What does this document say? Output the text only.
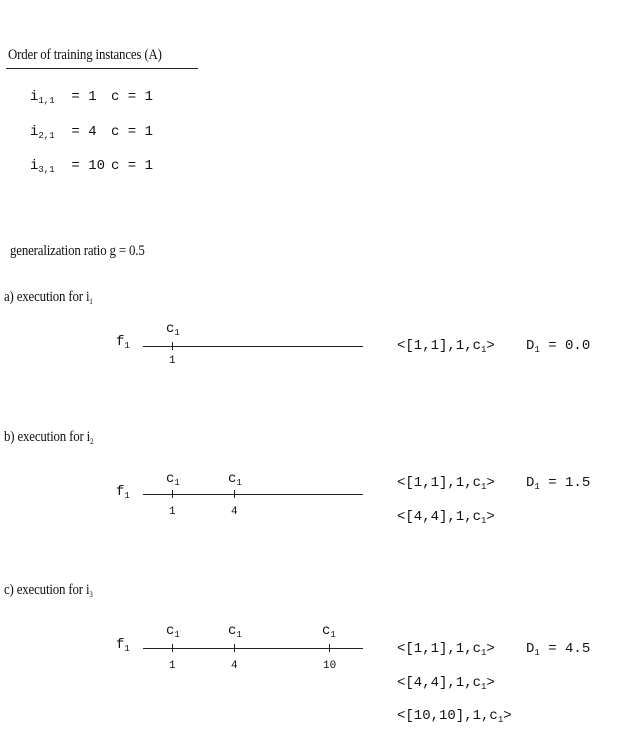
Order of training instances (A)
$i_{1,1} = 1$ c = 1
$i_{2,1} = 4$ c = 1
$i_{3,1} = 10$ c = 1
generalization ratio g = 0.5
a) execution for $i_1$
$f_1$
$c_1$
1
$<[1,1],1,c_1> D_1 = 0.0$
b) execution for $i_2$
$f_1$
$c_1$	$c_1$
1	4
$<[1,1],1,c_1>$
$<[4,4],1,c_1>$
$D_1 = 1.5$
c) execution for $i_3$
$f_1$
$c_1$	$c_1$	$c_1$
1	4	10
$<[1,1],1,c_1>$
$<[4,4],1,c_1>$
$<[10,10],1,c_1>$
$D_1 = 4.5$
